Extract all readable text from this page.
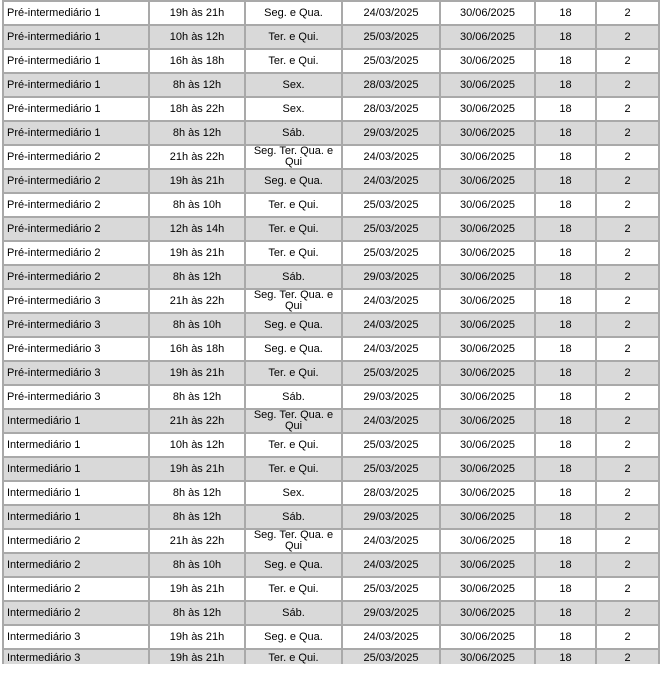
Pré-intermediário 1	19h às 21h	Seg. e Qua.	24/03/2025	30/06/2025	18	2
Pré-intermediário 1	10h às 12h	Ter. e Qui.	25/03/2025	30/06/2025	18	2
Pré-intermediário 1	16h às 18h	Ter. e Qui.	25/03/2025	30/06/2025	18	2
Pré-intermediário 1	8h às 12h	Sex.	28/03/2025	30/06/2025	18	2
Pré-intermediário 1	18h às 22h	Sex.	28/03/2025	30/06/2025	18	2
Pré-intermediário 1	8h às 12h	Sáb.	29/03/2025	30/06/2025	18	2
Pré-intermediário 2	21h às 22h	Seg. Ter. Qua. e Qui	24/03/2025	30/06/2025	18	2
Pré-intermediário 2	19h às 21h	Seg. e Qua.	24/03/2025	30/06/2025	18	2
Pré-intermediário 2	8h às 10h	Ter. e Qui.	25/03/2025	30/06/2025	18	2
Pré-intermediário 2	12h às 14h	Ter. e Qui.	25/03/2025	30/06/2025	18	2
Pré-intermediário 2	19h às 21h	Ter. e Qui.	25/03/2025	30/06/2025	18	2
Pré-intermediário 2	8h às 12h	Sáb.	29/03/2025	30/06/2025	18	2
Pré-intermediário 3	21h às 22h	Seg. Ter. Qua. e Qui	24/03/2025	30/06/2025	18	2
Pré-intermediário 3	8h às 10h	Seg. e Qua.	24/03/2025	30/06/2025	18	2
Pré-intermediário 3	16h às 18h	Seg. e Qua.	24/03/2025	30/06/2025	18	2
Pré-intermediário 3	19h às 21h	Ter. e Qui.	25/03/2025	30/06/2025	18	2
Pré-intermediário 3	8h às 12h	Sáb.	29/03/2025	30/06/2025	18	2
Intermediário 1	21h às 22h	Seg. Ter. Qua. e Qui	24/03/2025	30/06/2025	18	2
Intermediário 1	10h às 12h	Ter. e Qui.	25/03/2025	30/06/2025	18	2
Intermediário 1	19h às 21h	Ter. e Qui.	25/03/2025	30/06/2025	18	2
Intermediário 1	8h às 12h	Sex.	28/03/2025	30/06/2025	18	2
Intermediário 1	8h às 12h	Sáb.	29/03/2025	30/06/2025	18	2
Intermediário 2	21h às 22h	Seg. Ter. Qua. e Qui	24/03/2025	30/06/2025	18	2
Intermediário 2	8h às 10h	Seg. e Qua.	24/03/2025	30/06/2025	18	2
Intermediário 2	19h às 21h	Ter. e Qui.	25/03/2025	30/06/2025	18	2
Intermediário 2	8h às 12h	Sáb.	29/03/2025	30/06/2025	18	2
Intermediário 3	19h às 21h	Seg. e Qua.	24/03/2025	30/06/2025	18	2
Intermediário 3	19h às 21h	Ter. e Qui.	25/03/2025	30/06/2025	18	2
